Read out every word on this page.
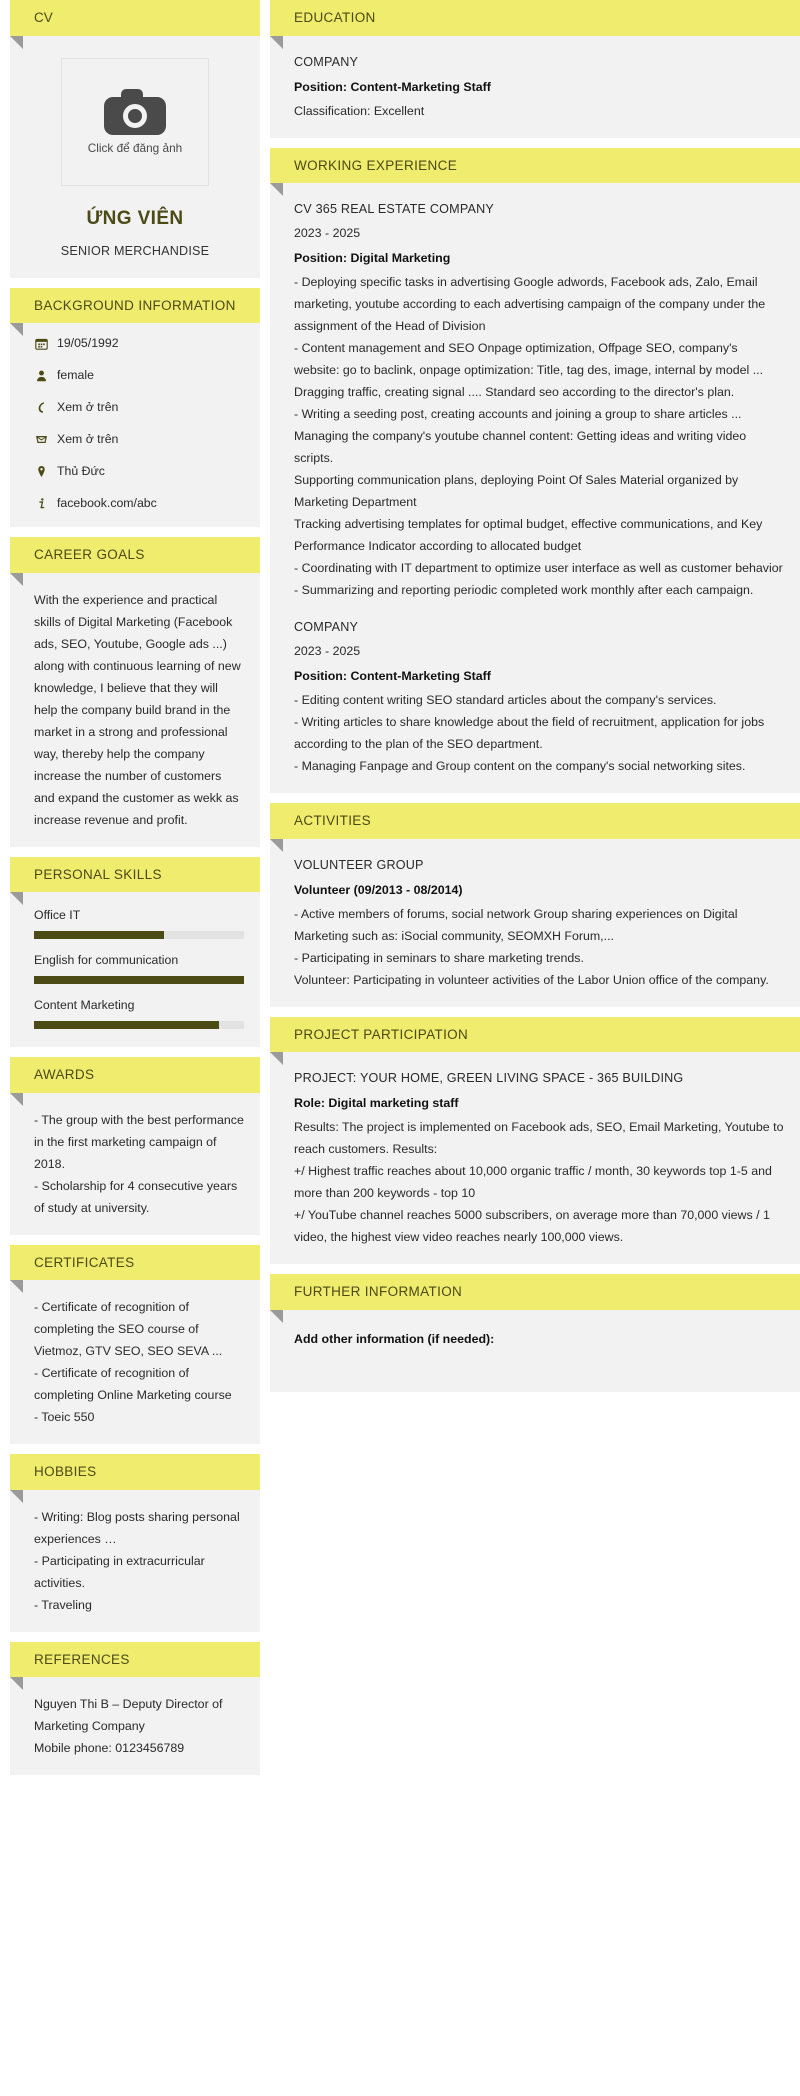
CV
Click để đăng ảnh
ỨNG VIÊN
SENIOR MERCHANDISE
BACKGROUND INFORMATION
19/05/1992
female
Xem ở trên
Xem ở trên
Thủ Đức
facebook.com/abc
CAREER GOALS

With the experience and practical skills of Digital Marketing (Facebook ads, SEO, Youtube, Google ads ...) along with continuous learning of new knowledge, I believe that they will help the company build brand in the market in a strong and professional way, thereby help the company increase the number of customers and expand the customer as wekk as increase revenue and profit.

PERSONAL SKILLS
Office IT
English for communication
Content Marketing
AWARDS

- The group with the best performance in the first marketing campaign of 2018.

- Scholarship for 4 consecutive years of study at university.

CERTIFICATES

- Certificate of recognition of completing the SEO course of Vietmoz, GTV SEO, SEO SEVA ...

- Certificate of recognition of completing Online Marketing course

- Toeic 550

HOBBIES

- Writing: Blog posts sharing personal experiences …

- Participating in extracurricular activities.

- Traveling

REFERENCES

Nguyen Thi B – Deputy Director of Marketing Company

Mobile phone: 0123456789

EDUCATION

COMPANY

Position: Content-Marketing Staff

Classification: Excellent

WORKING EXPERIENCE

CV 365 REAL ESTATE COMPANY

2023 - 2025

Position: Digital Marketing

- Deploying specific tasks in advertising Google adwords, Facebook ads, Zalo, Email marketing, youtube according to each advertising campaign of the company under the assignment of the Head of Division

- Content management and SEO Onpage optimization, Offpage SEO, company's website: go to baclink, onpage optimization: Title, tag des, image, internal by model ... Dragging traffic, creating signal .... Standard seo according to the director's plan.

- Writing a seeding post, creating accounts and joining a group to share articles ...

Managing the company's youtube channel content: Getting ideas and writing video scripts.

Supporting communication plans, deploying Point Of Sales Material organized by Marketing Department

Tracking advertising templates for optimal budget, effective communications, and Key Performance Indicator according to allocated budget

- Coordinating with IT department to optimize user interface as well as customer behavior

- Summarizing and reporting periodic completed work monthly after each campaign.

COMPANY

2023 - 2025

Position: Content-Marketing Staff

- Editing content writing SEO standard articles about the company's services.

- Writing articles to share knowledge about the field of recruitment, application for jobs according to the plan of the SEO department.

- Managing Fanpage and Group content on the company's social networking sites.

ACTIVITIES

VOLUNTEER GROUP

Volunteer (09/2013 - 08/2014)

- Active members of forums, social network Group sharing experiences on Digital Marketing such as: iSocial community, SEOMXH Forum,...

- Participating in seminars to share marketing trends.

Volunteer: Participating in volunteer activities of the Labor Union office of the company.

PROJECT PARTICIPATION

PROJECT: YOUR HOME, GREEN LIVING SPACE - 365 BUILDING

Role: Digital marketing staff

Results: The project is implemented on Facebook ads, SEO, Email Marketing, Youtube to reach customers. Results:

+/ Highest traffic reaches about 10,000 organic traffic / month, 30 keywords top 1-5 and more than 200 keywords - top 10

+/ YouTube channel reaches 5000 subscribers, on average more than 70,000 views / 1 video, the highest view video reaches nearly 100,000 views.

FURTHER INFORMATION

Add other information (if needed):
